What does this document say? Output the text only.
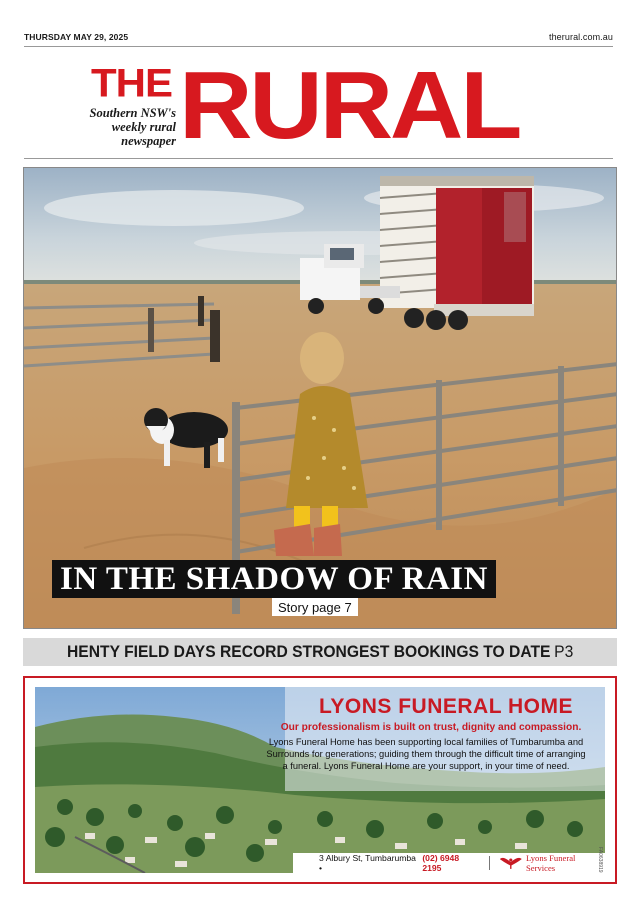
THURSDAY MAY 29, 2025	therural.com.au
THE RURAL
Southern NSW's
weekly rural
newspaper
IN THE SHADOW OF RAIN
Story page 7
HENTY FIELD DAYS RECORD STRONGEST BOOKINGS TO DATE P3
LYONS FUNERAL HOME
Our professionalism is built on trust, dignity and compassion.
Lyons Funeral Home has been supporting local families of Tumbarumba and
Surrounds for generations; guiding them through the difficult time of arranging
a funeral. Lyons Funeral Home are your support, in your time of need.
3 Albury St, Tumbarumba •
(02) 6948 2195
Lyons Funeral Services	FA0638919
